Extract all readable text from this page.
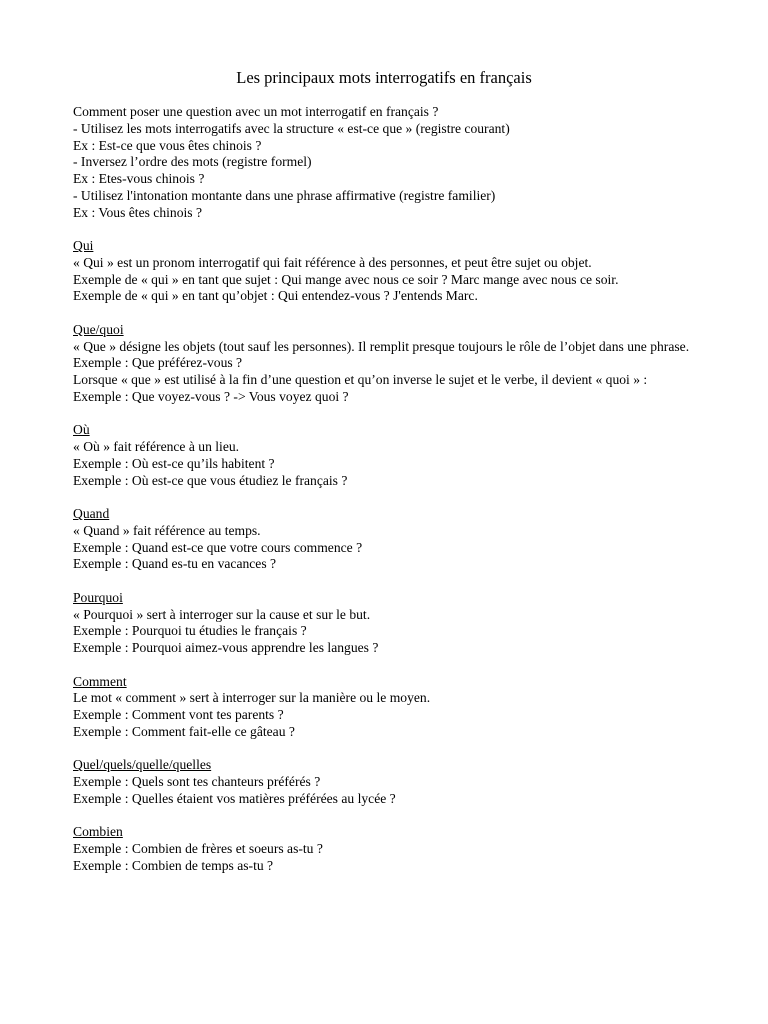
Les principaux mots interrogatifs en français
Comment poser une question avec un mot interrogatif en français ?
- Utilisez les mots interrogatifs avec la structure « est-ce que » (registre courant)
Ex : Est-ce que vous êtes chinois ?
- Inversez l’ordre des mots (registre formel)
Ex : Etes-vous chinois ?
- Utilisez l'intonation montante dans une phrase affirmative (registre familier)
Ex : Vous êtes chinois ?
Qui
« Qui » est un pronom interrogatif qui fait référence à des personnes, et peut être sujet ou objet.
Exemple de « qui » en tant que sujet : Qui mange avec nous ce soir ? Marc mange avec nous ce soir.
Exemple de « qui » en tant qu’objet : Qui entendez-vous ? J'entends Marc.
Que/quoi
« Que » désigne les objets (tout sauf les personnes). Il remplit presque toujours le rôle de l’objet dans une phrase.
Exemple : Que préférez-vous ?
Lorsque « que » est utilisé à la fin d’une question et qu’on inverse le sujet et le verbe, il devient « quoi » :
Exemple : Que voyez-vous ? -> Vous voyez quoi ?
Où
« Où » fait référence à un lieu.
Exemple : Où est-ce qu’ils habitent ?
Exemple : Où est-ce que vous étudiez le français ?
Quand
« Quand » fait référence au temps.
Exemple : Quand est-ce que votre cours commence ?
Exemple : Quand es-tu en vacances ?
Pourquoi
« Pourquoi » sert à interroger sur la cause et sur le but.
Exemple : Pourquoi tu étudies le français ?
Exemple : Pourquoi aimez-vous apprendre les langues ?
Comment
Le mot « comment » sert à interroger sur la manière ou le moyen.
Exemple : Comment vont tes parents ?
Exemple : Comment fait-elle ce gâteau ?
Quel/quels/quelle/quelles
Exemple : Quels sont tes chanteurs préférés ?
Exemple : Quelles étaient vos matières préférées au lycée ?
Combien
Exemple : Combien de frères et soeurs as-tu ?
Exemple : Combien de temps as-tu ?
